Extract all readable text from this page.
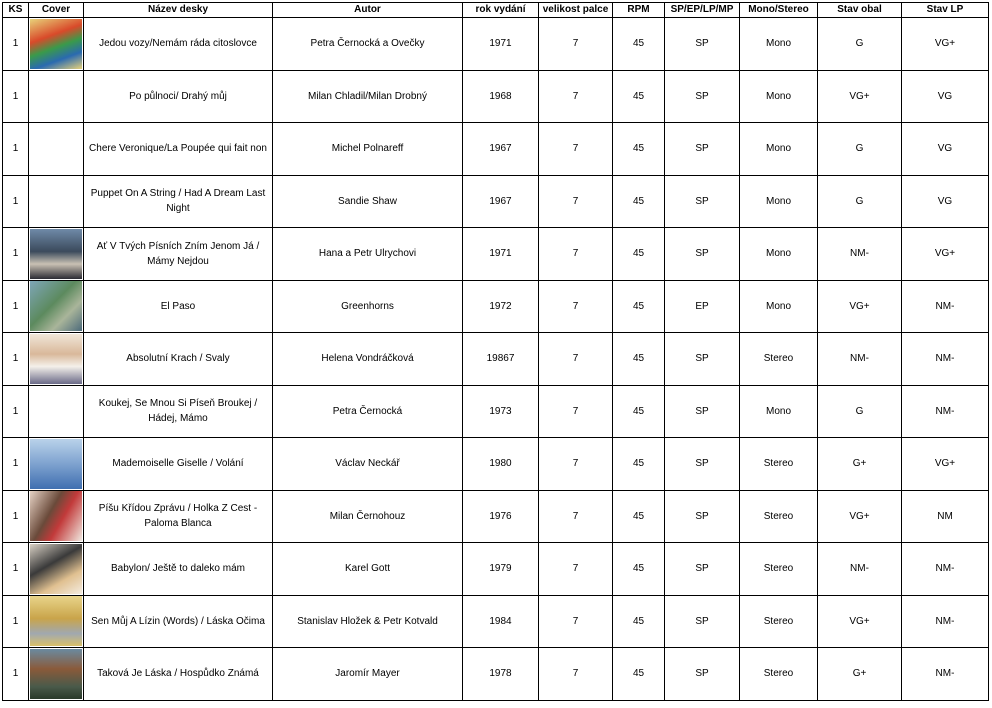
KS	Cover	Název desky	Autor	rok vydání	velikost palce	RPM	SP/EP/LP/MP	Mono/Stereo	Stav obal	Stav LP
1		Jedou vozy/Nemám ráda citoslovce	Petra Černocká a Ovečky	1971	7	45	SP	Mono	G	VG+
1		Po půlnoci/ Drahý můj	Milan Chladil/Milan Drobný	1968	7	45	SP	Mono	VG+	VG
1		Chere Veronique/La Poupée qui fait non	Michel Polnareff	1967	7	45	SP	Mono	G	VG
1		Puppet On A String / Had A Dream Last Night	Sandie Shaw	1967	7	45	SP	Mono	G	VG
1		Ať V Tvých Písních Zním Jenom Já / Mámy Nejdou	Hana a Petr Ulrychovi	1971	7	45	SP	Mono	NM-	VG+
1		El Paso	Greenhorns	1972	7	45	EP	Mono	VG+	NM-
1		Absolutní Krach / Svaly	Helena Vondráčková	19867	7	45	SP	Stereo	NM-	NM-
1		Koukej, Se Mnou Si Píseň Broukej / Hádej, Mámo	Petra Černocká	1973	7	45	SP	Mono	G	NM-
1		Mademoiselle Giselle / Volání	Václav Neckář	1980	7	45	SP	Stereo	G+	VG+
1		Píšu Křídou Zprávu / Holka Z Cest - Paloma Blanca	Milan Černohouz	1976	7	45	SP	Stereo	VG+	NM
1		Babylon/ Ještě to daleko mám	Karel Gott	1979	7	45	SP	Stereo	NM-	NM-
1		Sen Můj A Lízin (Words) / Láska Očima	Stanislav Hložek & Petr Kotvald	1984	7	45	SP	Stereo	VG+	NM-
1		Taková Je Láska / Hospůdko Známá	Jaromír Mayer	1978	7	45	SP	Stereo	G+	NM-
